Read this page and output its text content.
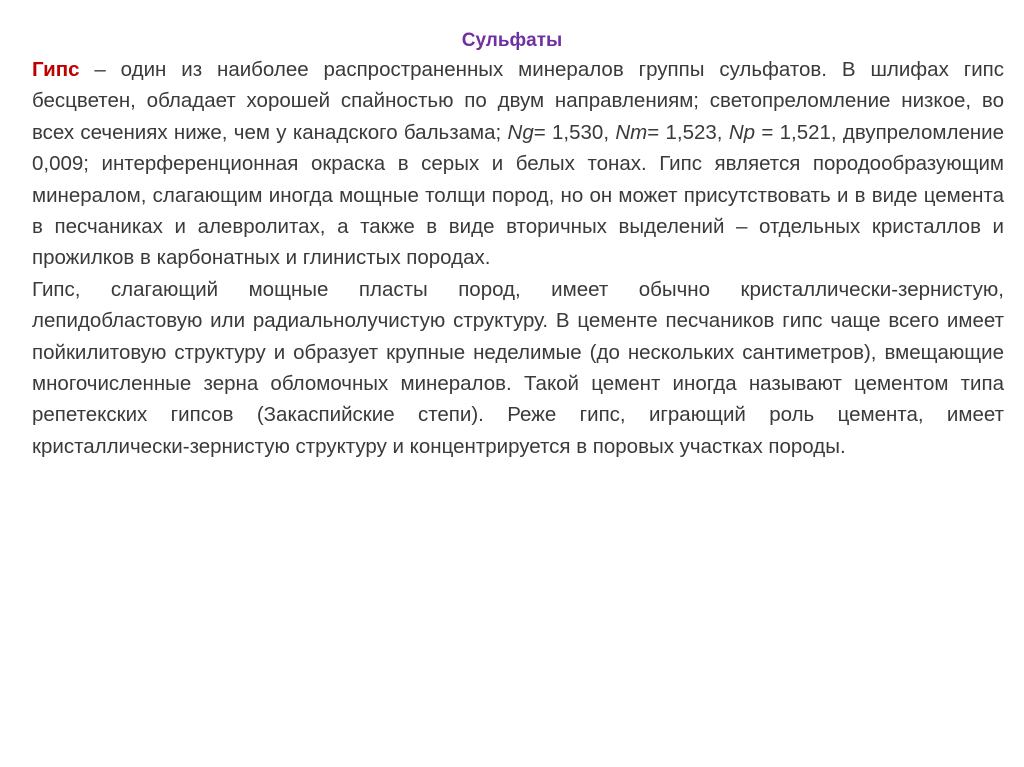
Сульфаты

Гипс – один из наиболее распространенных минералов группы сульфатов. В шлифах гипс бесцветен, обладает хорошей спайностью по двум направлениям; светопреломление низкое, во всех сечениях ниже, чем у канадского бальзама; Ng= 1,530, Nm= 1,523, Np = 1,521, двупреломление 0,009; интерференционная окраска в серых и белых тонах. Гипс является породообразующим минералом, слагающим иногда мощные толщи пород, но он может присутствовать и в виде цемента в песчаниках и алевролитах, а также в виде вторичных выделений – отдельных кристаллов и прожилков в карбонатных и глинистых породах.

Гипс, слагающий мощные пласты пород, имеет обычно кристаллически-зернистую, лепидобластовую или радиальнолучистую структуру. В цементе песчаников гипс чаще всего имеет пойкилитовую структуру и образует крупные неделимые (до нескольких сантиметров), вмещающие многочисленные зерна обломочных минералов. Такой цемент иногда называют цементом типа репетекских гипсов (Закаспийские степи). Реже гипс, играющий роль цемента, имеет кристаллически-зернистую структуру и концентрируется в поровых участках породы.
